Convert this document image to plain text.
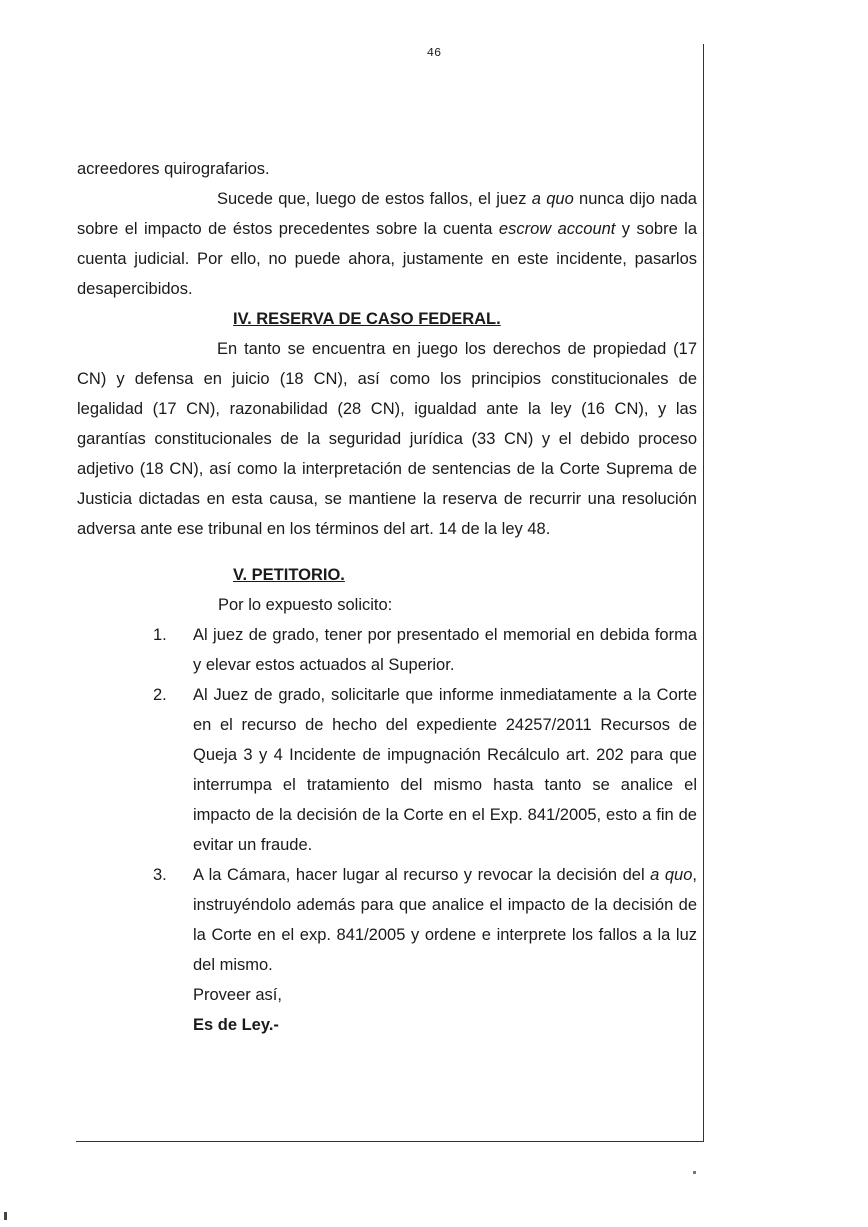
46

acreedores quirografarios.

Sucede que, luego de estos fallos, el juez a quo nunca dijo nada sobre el impacto de éstos precedentes sobre la cuenta escrow account y sobre la cuenta judicial. Por ello, no puede ahora, justamente en este incidente, pasarlos desapercibidos.

IV. RESERVA DE CASO FEDERAL.

En tanto se encuentra en juego los derechos de propiedad (17 CN) y defensa en juicio (18 CN), así como los principios constitucionales de legalidad (17 CN), razonabilidad (28 CN), igualdad ante la ley (16 CN), y las garantías constitucionales de la seguridad jurídica (33 CN) y el debido proceso adjetivo (18 CN), así como la interpretación de sentencias de la Corte Suprema de Justicia dictadas en esta causa, se mantiene la reserva de recurrir una resolución adversa ante ese tribunal en los términos del art. 14 de la ley 48.

V. PETITORIO.

Por lo expuesto solicito:

1. Al juez de grado, tener por presentado el memorial en debida forma y elevar estos actuados al Superior.
2. Al Juez de grado, solicitarle que informe inmediatamente a la Corte en el recurso de hecho del expediente 24257/2011 Recursos de Queja 3 y 4 Incidente de impugnación Recálculo art. 202 para que interrumpa el tratamiento del mismo hasta tanto se analice el impacto de la decisión de la Corte en el Exp. 841/2005, esto a fin de evitar un fraude.
3. A la Cámara, hacer lugar al recurso y revocar la decisión del a quo, instruyéndolo además para que analice el impacto de la decisión de la Corte en el exp. 841/2005 y ordene e interprete los fallos a la luz del mismo.

Proveer así,

Es de Ley.-
